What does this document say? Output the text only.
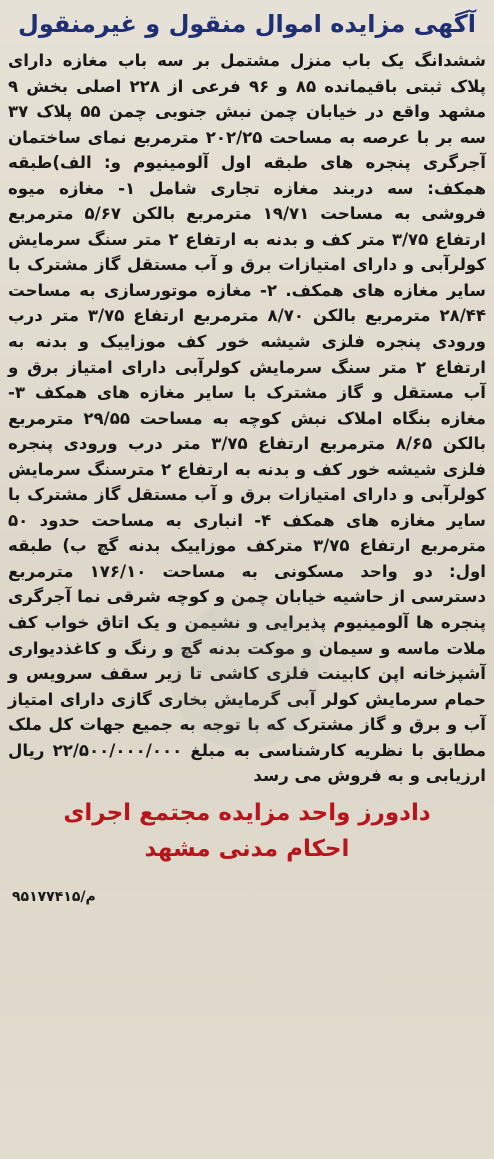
آگهی مزایده اموال منقول و غیرمنقول

ششدانگ یک باب منزل مشتمل بر سه باب مغازه دارای پلاک ثبتی باقیمانده ۸۵ و ۹۶ فرعی از ۲۲۸ اصلی بخش ۹ مشهد واقع در خیابان چمن نبش جنوبی چمن ۵۵ پلاک ۳۷ سه بر با عرصه به مساحت ۲۰۲/۲۵ مترمربع نمای ساختمان آجرگری پنجره های طبقه اول آلومینیوم و: الف)طبقه همکف: سه دربند مغازه تجاری شامل ۱- مغازه میوه فروشی به مساحت ۱۹/۷۱ مترمربع بالکن ۵/۶۷ مترمربع ارتفاع ۳/۷۵ متر کف و بدنه به ارتفاع ۲ متر سنگ سرمایش کولرآبی و دارای امتیازات برق و آب مستقل گاز مشترک با سایر مغازه های همکف. ۲- مغازه موتورسازی به مساحت ۲۸/۴۴ مترمربع بالکن ۸/۷۰ مترمربع ارتفاع ۳/۷۵ متر درب ورودی پنجره فلزی شیشه خور کف موزاییک و بدنه به ارتفاع ۲ متر سنگ سرمایش کولرآبی دارای امتیاز برق و آب مستقل و گاز مشترک با سایر مغازه های همکف ۳- مغازه بنگاه املاک نبش کوچه به مساحت ۲۹/۵۵ مترمربع بالکن ۸/۶۵ مترمربع ارتفاع ۳/۷۵ متر درب ورودی پنجره فلزی شیشه خور کف و بدنه به ارتفاع ۲ مترسنگ سرمایش کولرآبی و دارای امتیازات برق و آب مستقل گاز مشترک با سایر مغازه های همکف ۴- انباری به مساحت حدود ۵۰ مترمربع ارتفاع ۳/۷۵ مترکف موزاییک بدنه گچ ب) طبقه اول: دو واحد مسکونی به مساحت ۱۷۶/۱۰ مترمربع دسترسی از حاشیه خیابان چمن و کوچه شرقی نما آجرگری پنجره ها آلومینیوم پذیرایی و نشیمن و یک اتاق خواب کف ملات ماسه و سیمان و موکت بدنه گچ و رنگ و کاغذدیواری آشپزخانه اپن کابینت فلزی کاشی تا زیر سقف سرویس و حمام سرمایش کولر آبی گرمایش بخاری گازی دارای امتیاز آب و برق و گاز مشترک که با توجه به جمیع جهات کل ملک مطابق با نظریه کارشناسی به مبلغ ۲۲/۵۰۰/۰۰۰/۰۰۰ ریال ارزیابی و به فروش می رسد

دادورز واحد مزایده مجتمع اجرای

احکام مدنی مشهد

م/۹۵۱۷۷۴۱۵
